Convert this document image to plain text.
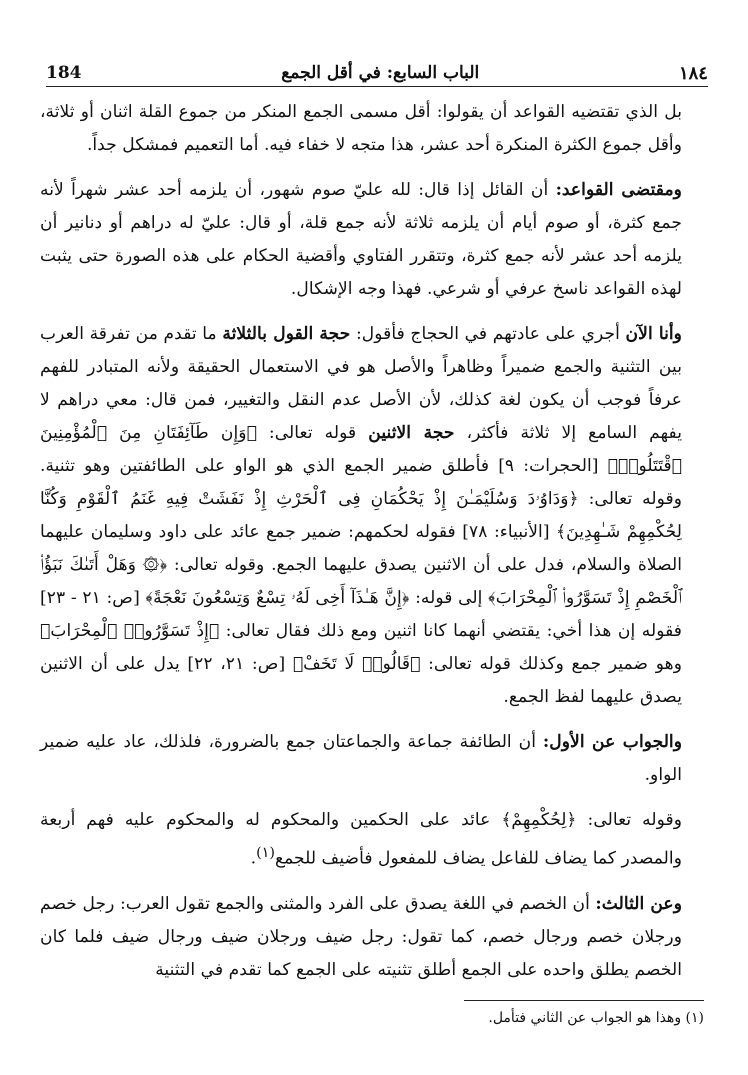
184	الباب السابع: في أقل الجمع	١٨٤

بل الذي تقتضيه القواعد أن يقولوا: أقل مسمى الجمع المنكر من جموع القلة اثنان أو ثلاثة، وأقل جموع الكثرة المنكرة أحد عشر، هذا متجه لا خفاء فيه. أما التعميم فمشكل جداً.

ومقتضى القواعد: أن القائل إذا قال: لله عليّ صوم شهور، أن يلزمه أحد عشر شهراً لأنه جمع كثرة، أو صوم أيام أن يلزمه ثلاثة لأنه جمع قلة، أو قال: عليّ له دراهم أو دنانير أن يلزمه أحد عشر لأنه جمع كثرة، وتتقرر الفتاوي وأقضية الحكام على هذه الصورة حتى يثبت لهذه القواعد ناسخ عرفي أو شرعي. فهذا وجه الإشكال.

وأنا الآن أجري على عادتهم في الحجاج فأقول: حجة القول بالثلاثة ما تقدم من تفرقة العرب بين التثنية والجمع ضميراً وظاهراً والأصل هو في الاستعمال الحقيقة ولأنه المتبادر للفهم عرفاً فوجب أن يكون لغة كذلك، لأن الأصل عدم النقل والتغيير، فمن قال: معي دراهم لا يفهم السامع إلا ثلاثة فأكثر، حجة الاثنين قوله تعالى: ﴿وَإِن طَآئِفَتَانِ مِنَ ٱلْمُؤْمِنِينَ ٱقْتَتَلُوا۟﴾ [الحجرات: ٩] فأطلق ضمير الجمع الذي هو الواو على الطائفتين وهو تثنية. وقوله تعالى: ﴿وَدَاوُۥدَ وَسُلَيْمَـٰنَ إِذْ يَحْكُمَانِ فِى ٱلْحَرْثِ إِذْ نَفَشَتْ فِيهِ غَنَمُ ٱلْقَوْمِ وَكُنَّا لِحُكْمِهِمْ شَـٰهِدِينَ﴾ [الأنبياء: ٧٨] فقوله لحكمهم: ضمير جمع عائد على داود وسليمان عليهما الصلاة والسلام، فدل على أن الاثنين يصدق عليهما الجمع. وقوله تعالى: ﴿۞ وَهَلْ أَتَىٰكَ نَبَؤُا۟ ٱلْخَصْمِ إِذْ تَسَوَّرُوا۟ ٱلْمِحْرَابَ﴾ إلى قوله: ﴿إِنَّ هَـٰذَآ أَخِى لَهُۥ تِسْعٌ وَتِسْعُونَ نَعْجَةً﴾ [ص: ٢١ - ٢٣] فقوله إن هذا أخي: يقتضي أنهما كانا اثنين ومع ذلك فقال تعالى: ﴿إِذْ تَسَوَّرُوا۟ ٱلْمِحْرَابَ﴾ وهو ضمير جمع وكذلك قوله تعالى: ﴿قَالُوا۟ لَا تَخَفْ﴾ [ص: ٢١، ٢٢] يدل على أن الاثنين يصدق عليهما لفظ الجمع.

والجواب عن الأول: أن الطائفة جماعة والجماعتان جمع بالضرورة، فلذلك، عاد عليه ضمير الواو.

وقوله تعالى: ﴿لِحُكْمِهِمْ﴾ عائد على الحكمين والمحكوم له والمحكوم عليه فهم أربعة والمصدر كما يضاف للفاعل يضاف للمفعول فأضيف للجمع$^{(١)}$.

وعن الثالث: أن الخصم في اللغة يصدق على الفرد والمثنى والجمع تقول العرب: رجل خصم ورجلان خصم ورجال خصم، كما تقول: رجل ضيف ورجلان ضيف ورجال ضيف فلما كان الخصم يطلق واحده على الجمع أطلق تثنيته على الجمع كما تقدم في التثنية

(١) وهذا هو الجواب عن الثاني فتأمل.
